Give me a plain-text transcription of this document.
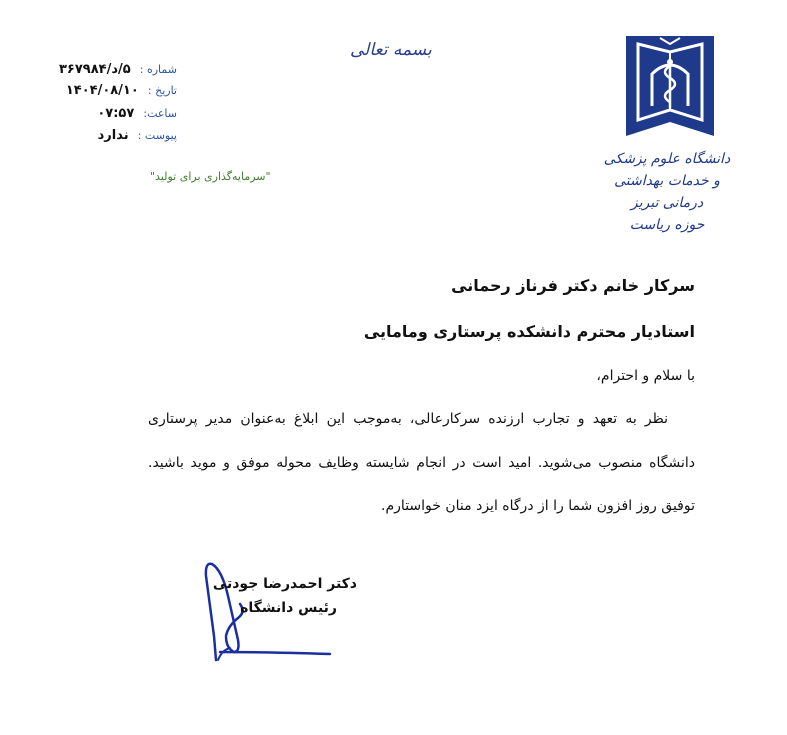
بسمه تعالی
شماره : ۵/د/۳۶۷۹۸۴
تاریخ : ۱۴۰۴/۰۸/۱۰
ساعت: ۰۷:۵۷
پیوست : ندارد
"سرمایه‌گذاری برای تولید"
دانشگاه علوم پزشکی
و خدمات بهداشتی درمانی تبریز
حوزه ریاست
سرکار خانم دکتر فرناز رحمانی
استادیار محترم دانشکده پرستاری ومامایی
با سلام و احترام،
نظر به تعهد و تجارب ارزنده سرکارعالی، به‌موجب این ابلاغ به‌عنوان مدیر پرستاری
دانشگاه منصوب می‌شوید. امید است در انجام شایسته وظایف محوله موفق و موید باشید.
توفیق روز افزون شما را از درگاه ایزد منان خواستارم.
دکتر احمدرضا جودتی
رئیس دانشگاه
